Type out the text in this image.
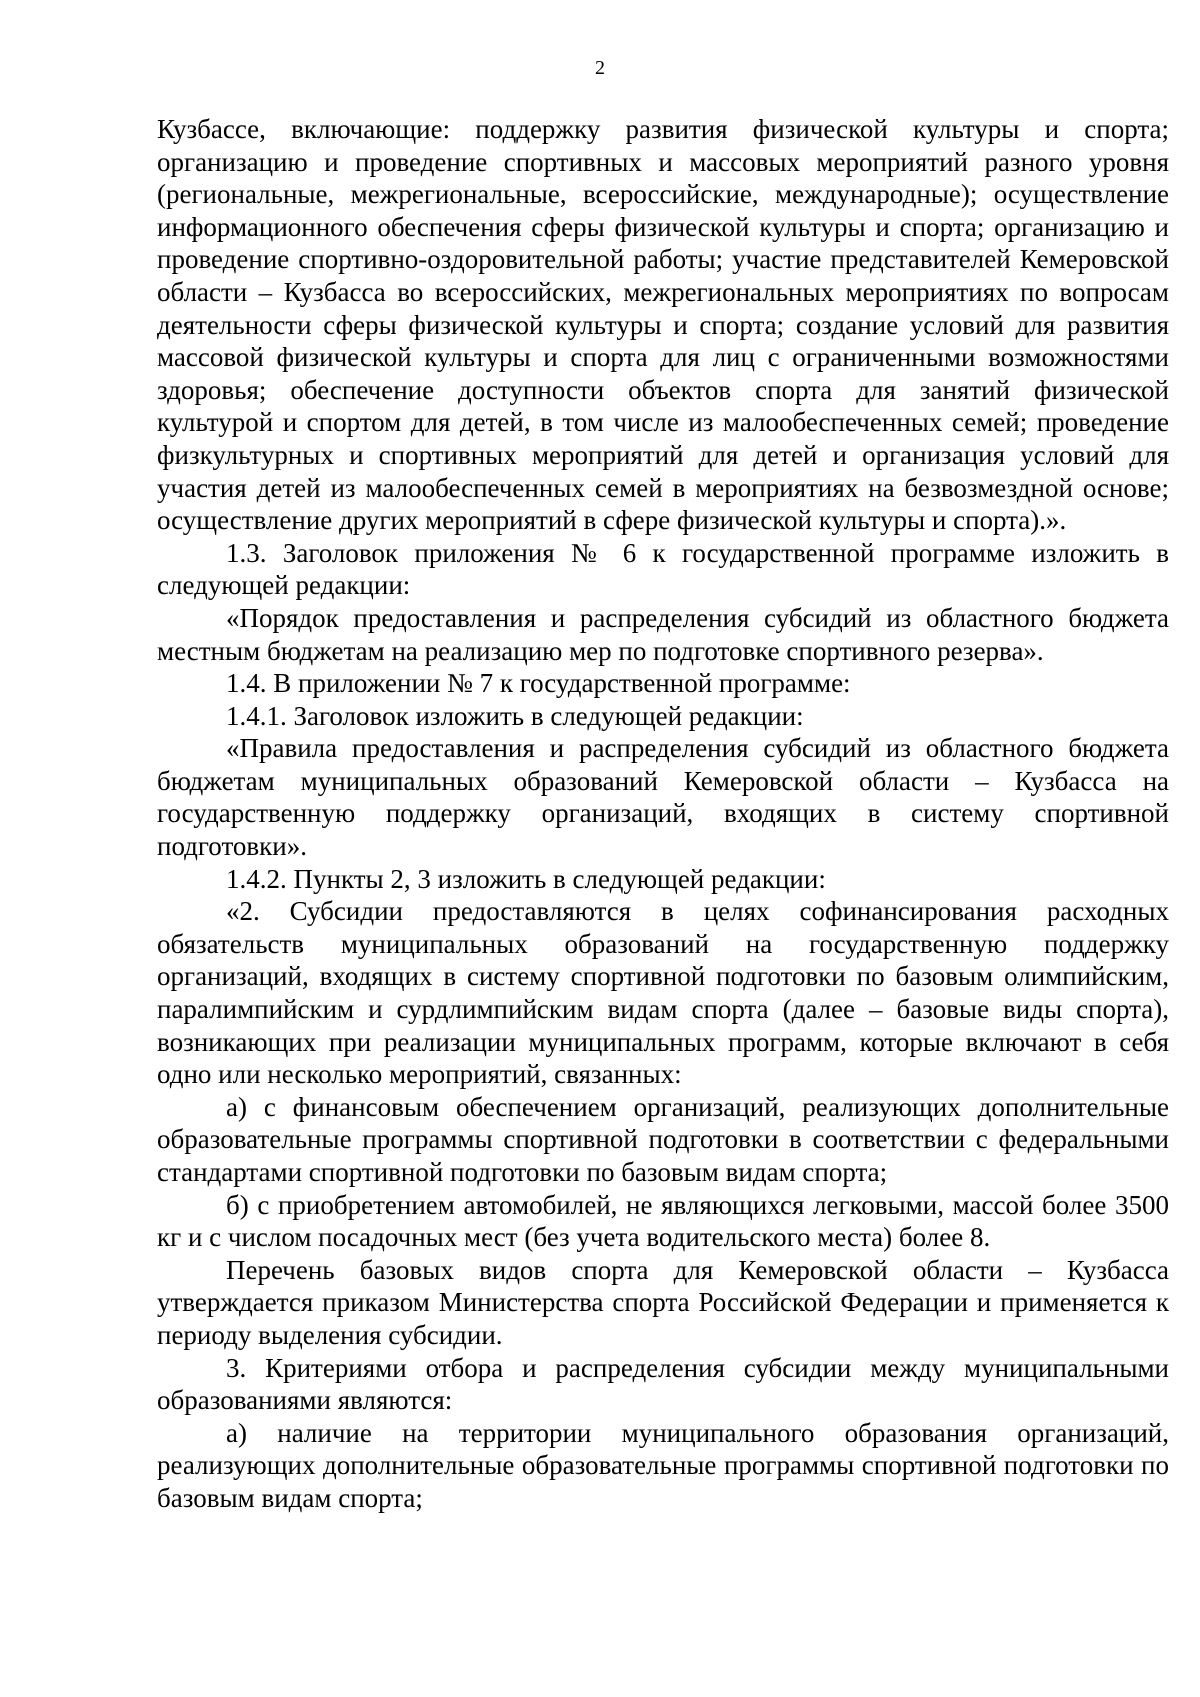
2

Кузбассе, включающие: поддержку развития физической культуры и спорта; организацию и проведение спортивных и массовых мероприятий разного уровня (региональные, межрегиональные, всероссийские, международные); осуществление информационного обеспечения сферы физической культуры и спорта; организацию и проведение спортивно-оздоровительной работы; участие представителей Кемеровской области – Кузбасса во всероссийских, межрегиональных мероприятиях по вопросам деятельности сферы физической культуры и спорта; создание условий для развития массовой физической культуры и спорта для лиц с ограниченными возможностями здоровья; обеспечение доступности объектов спорта для занятий физической культурой и спортом для детей, в том числе из малообеспеченных семей; проведение физкультурных и спортивных мероприятий для детей и организация условий для участия детей из малообеспеченных семей в мероприятиях на безвозмездной основе; осуществление других мероприятий в сфере физической культуры и спорта).».

1.3. Заголовок приложения № 6 к государственной программе изложить в следующей редакции:

«Порядок предоставления и распределения субсидий из областного бюджета местным бюджетам на реализацию мер по подготовке спортивного резерва».

1.4. В приложении № 7 к государственной программе:

1.4.1. Заголовок изложить в следующей редакции:

«Правила предоставления и распределения субсидий из областного бюджета бюджетам муниципальных образований Кемеровской области – Кузбасса на государственную поддержку организаций, входящих в систему спортивной подготовки».

1.4.2. Пункты 2, 3 изложить в следующей редакции:

«2. Субсидии предоставляются в целях софинансирования расходных обязательств муниципальных образований на государственную поддержку организаций, входящих в систему спортивной подготовки по базовым олимпийским, паралимпийским и сурдлимпийским видам спорта (далее – базовые виды спорта), возникающих при реализации муниципальных программ, которые включают в себя одно или несколько мероприятий, связанных:

а) с финансовым обеспечением организаций, реализующих дополнительные образовательные программы спортивной подготовки в соответствии с федеральными стандартами спортивной подготовки по базовым видам спорта;

б) с приобретением автомобилей, не являющихся легковыми, массой более 3500 кг и с числом посадочных мест (без учета водительского места) более 8.

Перечень базовых видов спорта для Кемеровской области – Кузбасса утверждается приказом Министерства спорта Российской Федерации и применяется к периоду выделения субсидии.

3. Критериями отбора и распределения субсидии между муниципальными образованиями являются:

а) наличие на территории муниципального образования организаций, реализующих дополнительные образовательные программы спортивной подготовки по базовым видам спорта;
